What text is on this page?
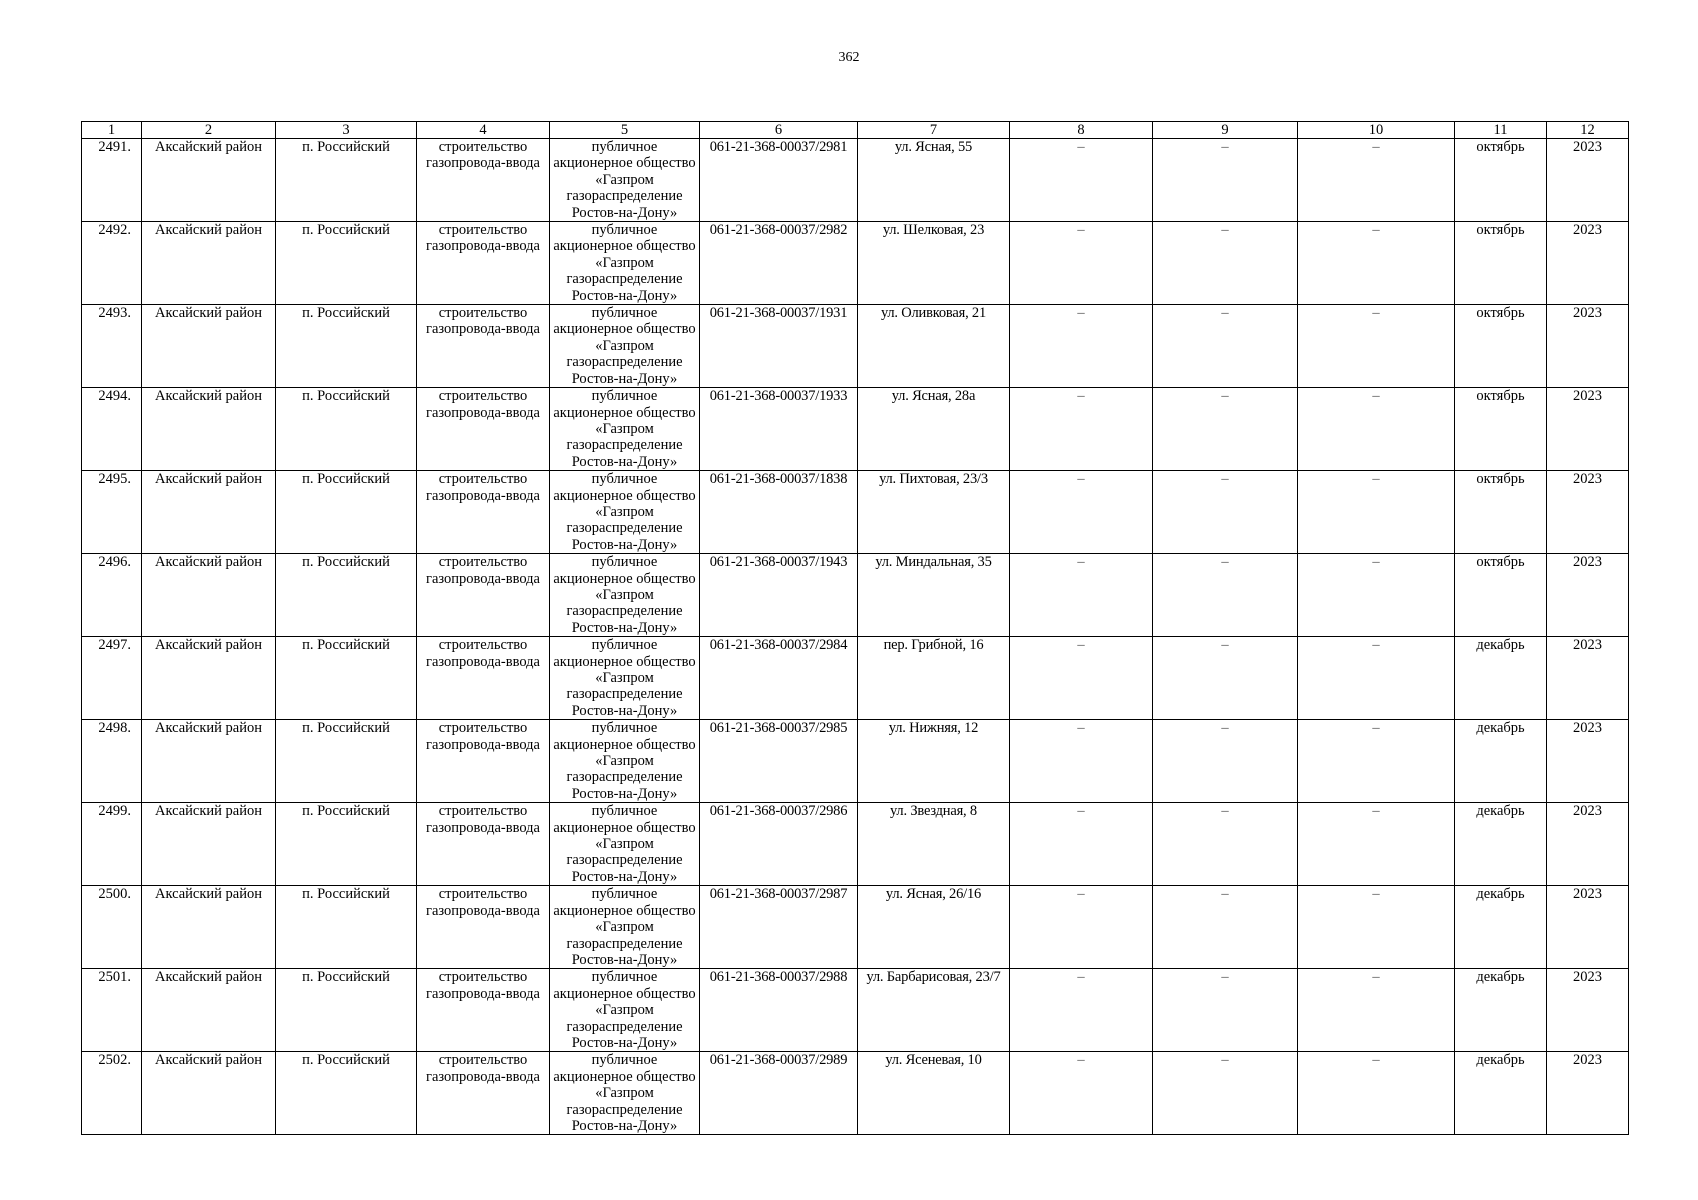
362
1	2	3	4	5	6	7	8	9	10	11	12
2491.	Аксайский район	п. Российский	строительство газопровода-ввода	публичное акционерное общество «Газпром газораспределение Ростов-на-Дону»	061-21-368-00037/2981	ул. Ясная, 55	–	–	–	октябрь	2023
2492.	Аксайский район	п. Российский	строительство газопровода-ввода	публичное акционерное общество «Газпром газораспределение Ростов-на-Дону»	061-21-368-00037/2982	ул. Шелковая, 23	–	–	–	октябрь	2023
2493.	Аксайский район	п. Российский	строительство газопровода-ввода	публичное акционерное общество «Газпром газораспределение Ростов-на-Дону»	061-21-368-00037/1931	ул. Оливковая, 21	–	–	–	октябрь	2023
2494.	Аксайский район	п. Российский	строительство газопровода-ввода	публичное акционерное общество «Газпром газораспределение Ростов-на-Дону»	061-21-368-00037/1933	ул. Ясная, 28а	–	–	–	октябрь	2023
2495.	Аксайский район	п. Российский	строительство газопровода-ввода	публичное акционерное общество «Газпром газораспределение Ростов-на-Дону»	061-21-368-00037/1838	ул. Пихтовая, 23/3	–	–	–	октябрь	2023
2496.	Аксайский район	п. Российский	строительство газопровода-ввода	публичное акционерное общество «Газпром газораспределение Ростов-на-Дону»	061-21-368-00037/1943	ул. Миндальная, 35	–	–	–	октябрь	2023
2497.	Аксайский район	п. Российский	строительство газопровода-ввода	публичное акционерное общество «Газпром газораспределение Ростов-на-Дону»	061-21-368-00037/2984	пер. Грибной, 16	–	–	–	декабрь	2023
2498.	Аксайский район	п. Российский	строительство газопровода-ввода	публичное акционерное общество «Газпром газораспределение Ростов-на-Дону»	061-21-368-00037/2985	ул. Нижняя, 12	–	–	–	декабрь	2023
2499.	Аксайский район	п. Российский	строительство газопровода-ввода	публичное акционерное общество «Газпром газораспределение Ростов-на-Дону»	061-21-368-00037/2986	ул. Звездная, 8	–	–	–	декабрь	2023
2500.	Аксайский район	п. Российский	строительство газопровода-ввода	публичное акционерное общество «Газпром газораспределение Ростов-на-Дону»	061-21-368-00037/2987	ул. Ясная, 26/16	–	–	–	декабрь	2023
2501.	Аксайский район	п. Российский	строительство газопровода-ввода	публичное акционерное общество «Газпром газораспределение Ростов-на-Дону»	061-21-368-00037/2988	ул. Барбарисовая, 23/7	–	–	–	декабрь	2023
2502.	Аксайский район	п. Российский	строительство газопровода-ввода	публичное акционерное общество «Газпром газораспределение Ростов-на-Дону»	061-21-368-00037/2989	ул. Ясеневая, 10	–	–	–	декабрь	2023
